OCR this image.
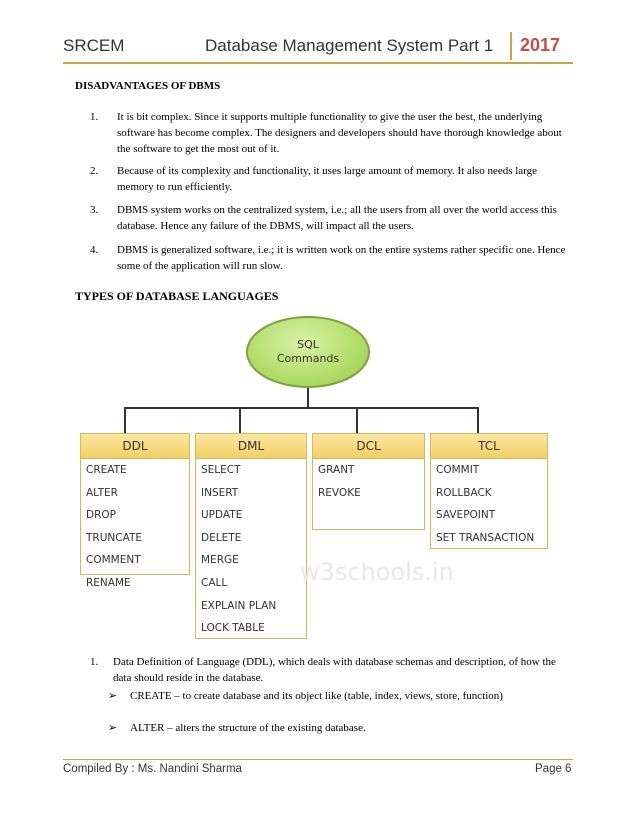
SRCEM	Database Management System Part 1 2017
DISADVANTAGES OF DBMS
1. It is bit complex. Since it supports multiple functionality to give the user the best, the underlying software has become complex. The designers and developers should have thorough knowledge about the software to get the most out of it.
2. Because of its complexity and functionality, it uses large amount of memory. It also needs large memory to run efficiently.
3. DBMS system works on the centralized system, i.e.; all the users from all over the world access this database. Hence any failure of the DBMS, will impact all the users.
4. DBMS is generalized software, i.e.; it is written work on the entire systems rather specific one. Hence some of the application will run slow.
TYPES OF DATABASE LANGUAGES
SQL
Commands
DDL
CREATE
ALTER
DROP
TRUNCATE
COMMENT
RENAME
DML
SELECT
INSERT
UPDATE
DELETE
MERGE
CALL
EXPLAIN PLAN
LOCK TABLE
DCL
GRANT
REVOKE
TCL
COMMIT
ROLLBACK
SAVEPOINT
SET TRANSACTION
w3schools.in
1. Data Definition of Language (DDL), which deals with database schemas and description, of how the data should reside in the database.
➢ CREATE – to create database and its object like (table, index, views, store, function)
➢ ALTER – alters the structure of the existing database.
Compiled By : Ms. Nandini Sharma	Page 6
